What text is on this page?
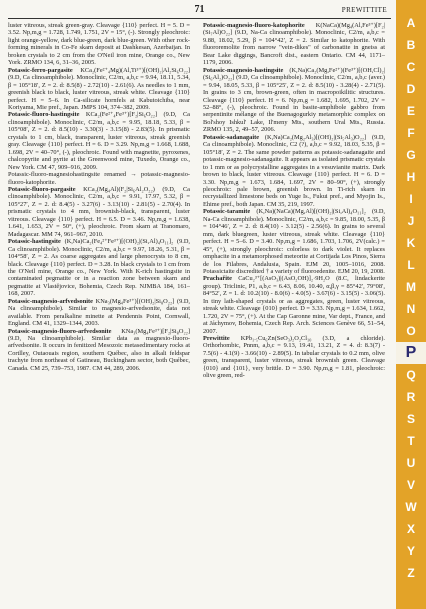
71	PREWITTITE

luster vitreous, streak green-gray. Cleavage {110} perfect. H = 5. D = 3.52. Np,m,g = 1.728, 1.749, 1.751, 2V = 15°, (-). Strongly pleochroic: light orange-yellow, dark blue-green, dark blue-green. With other rock-forming minerals in Co-Fe skarn deposit at Dashkesan, Azerbaijan. In broken crystals to 2 cm from the O'Neil iron mine, Orange co., New York. ZRMO 134, 6, 31–36, 2005.

Potassic-ferro-pargasite KCa₂(Fe²⁺₄Mg)(Al,Ti³⁺)[(OH)₂|Al₂Si₆O₂₂] (9.D, Ca clinoamphibole). Monoclinic, C2/m, a,b,c = 9.94, 18.11, 5.34, β = 105°18′, Z = 2. d: 8.5(8) - 2.72(10) - 2.61(6). As needles to 1 mm, greenish black to black, luster vitreous, streak white. Cleavage {110} perfect. H = 5–6. In Ca-silicate hornfels at Kabutoichiba, near Koriyama, Mie pref., Japan. JMPS 104, 374–382, 2009.

Potassic-fluoro-hastingsite KCa₂(Fe²⁺₄Fe³⁺)[F₂|Si₆O₂₂] (9.D, Ca clinoamphibole). Monoclinic, C2/m, a,b,c = 9.95, 18.18, 5.33, β = 105°08′, Z = 2. d: 8.5(10) - 3.30(3) - 3.15(8) - 2.83(5). In prismatic crystals to 1 cm, black, transparent, luster vitreous, streak greenish gray. Cleavage {110} perfect. H = 6. D = 3.29. Np,m,g = 1.668, 1.688, 1.698, 2V = 40–70°, (-), pleochroic. Found with magnetite, pyroxenes, chalcopyrite and pyrite at the Greenwood mine, Tuxedo, Orange co., New York. CM 47, 909–916, 2009.

Potassic-fluoro-magnesiohastingsite renamed → potassic-magnesio-fluoro-katophorite.

Potassic-fluoro-pargasite KCa₂(Mg₄Al)(F₂|Si₆Al₂O₂₂) (9.D, Ca clinoamphibole). Monoclinic, C2/m, a,b,c = 9.91, 17.97, 5.32, β = 105°27′, Z = 2. d: 8.4(5) - 3.27(6) - 3.13(10) - 2.81(5) - 2.70(4). In prismatic crystals to 4 mm, brownish-black, transparent, luster vitreous. Cleavage {110} perfect. H = 6.5. D = 3.46. Np,m,g = 1.638, 1.641, 1.653, 2V = 50°, (+), pleochroic. From skarn at Tranomaro, Madagascar. MM 74, 961–967, 2010.

Potassic-hastingsite (K,Na)Ca₂(Fe₄²⁺Fe³⁺)[(OH)₂|(Si,Al)₄O₁₁]₂ (9.D, Ca clinoamphibole). Monoclinic, C2/m, a,b,c = 9.97, 18.26, 5.31, β = 104°58′, Z = 2. As coarse aggregates and large phenocrysts to 8 cm, black. Cleavage {110} perfect. D = 3.28. In black crystals to 1 cm from the O'Neil mine, Orange co., New York. With K-rich hastingsite in contaminated pegmatite or in a reaction zone between skarn and pegmatite at Vlastějovice, Bohemia, Czech Rep. NJMBA 184, 161–168, 2007.

Potassic-magnesio-arfvedsonite KNa₃(Mg₄Fe³⁺)[(OH)₂|Si₈O₂₂] (9.D, Na clinoamphibole). Similar to magnesio-arfvedsonite, data not available. From peralkaline minette at Pendennis Point, Cornwall, England. CM 41, 1329–1344, 2003.

Potassic-magnesio-fluoro-arfvedsonite KNa₃(Mg₄Fe³⁺)[F₂|Si₈O₂₂] (9.D, Na clinoamphibole). Similar data as magnesio-fluoro-arfvedsonite. It occurs in fenitized Mesozoic metasedimentary rocks at Cortlley, Outaouais region, southern Québec, also in alkali feldspar trachyte from northeast of Gatineau, Buckingham sector, both Québec, Canada. CM 25, 739–753, 1987. CM 44, 289, 2006.

Potassic-magnesio-fluoro-katophorite K(NaCa)(Mg₄(Al,Fe³⁺)[F₂|(Si₇Al)O₂₂] (9.D, Na-Ca clinoamphibole). Monoclinic, C2/m, a,b,c = 9.88, 18.02, 5.29, β = 104°42′, Z = 2. Similar to katophorite. With fluororemolite from narrow "vein-dikes" of carbonatite in gneiss at Bear Lake diggings, Bancroft dist., eastern Ontario. CM 44, 1171–1179, 2006.

Potassic-magnesio-hastingsite (K,Na)Ca₂(Mg,Fe²⁺)(Fe³⁺)[(OH,Cl)₂|(Si₆Al₂)O₂₂] (9.D, Ca clinoamphibole). Monoclinic, C2/m, a,b,c (aver.) = 9.94, 18.05, 5.33, β = 105°25′, Z = 2. d: 8.5(10) - 3.28(4) - 2.71(5). In grains to 3 cm, brown-green, often in macropoikilitic structures. Cleavage {110} perfect. H = 6. Np,m,g = 1.682, 1.695, 1.702, 2V = 52–88°, (-), pleochroic. Found in basite-amphibole gabbro from serpentinite mélange of the Buenagogurkiy metamorphic complex on Bol'shoy Ishkul' Lake, Il'meny Mts., southern Ural Mts., Russia. ZRMO 135, 2, 49–57, 2006.

Potassic-sadanagaite (K,Na)Ca₂(Mg₂Al₃)[(OH)₂|(Si₅Al₃)O₂₂] (9.D, Ca clinoamphibole). Monoclinic, C2 (?), a,b,c = 9.92, 18.03, 5.35, β = 105°18′, Z = 2. The same powder patterns as potassic-sadanagaite and potassic-magnesio-sadanagaite. It appears as isolated prismatic crystals to 1 mm or as polycrystalline aggregates in a vesuvianite matrix. Dark brown to black, luster vitreous. Cleavage {110} perfect. H = 6. D = 3.30. Np,m,g = 1.673, 1.684, 1.697, 2V = 80–90°, (+), strongly pleochroic: pale brown, greenish brown. In Ti-rich skarn in recrystallized limestone beds on Yuge Is., Fukui pref., and Myojin Is., Ehime pref., both Japan. CM 35, 219, 1997.

Potassic-taramite (K,Na)(NaCa)(Mg,Al)[(OH)₂|(Si,Al)₄O₁₁]₂ (9.D, Na-Ca clinoamphibole). Monoclinic, C2/m, a,b,c = 9.85, 18.00, 5.35, β = 104°46′, Z = 2. d: 8.4(10) - 3.12(5) - 2.56(6). In grains to several mm, dark bluegreen, luster vitreous, streak white. Cleavage {110} perfect. H = 5–6. D = 3.40. Np,m,g = 1.686, 1.703, 1.706, 2V(calc.) = 45°, (+), strongly pleochroic: colorless to dark violet. It replaces omphacite in a metamorphosed meteorite at Cortijada Los Pinos, Sierra de los Filabres, Andalusia, Spain. EJM 20, 1005–1016, 2008. Potassictaite discredited † a variety of fluoroedenite. EJM 20, 19, 2008.

Prachařite CaCu₂³⁺[(AsO₃)|(AsO₂OH)]₂·9H₂O (8.C, lindackerite group). Triclinic, P1, a,b,c = 6.43, 8.06, 10.40, α,β,γ = 85°42′, 79°08′, 84°52′, Z = 1. d: 10.2(10) - 8.0(6) - 4.0(5) - 3.67(6) - 3.15(5) - 3.06(5). In tiny lath-shaped crystals or as aggregates, green, luster vitreous, streak white. Cleavage {010} perfect. D = 3.33. Np,m,g = 1.634, 1.662, 1.720, 2V = 75°, (+). At the Cap Garonne mine, Var dept., France, and at Jáchymov, Bohemia, Czech Rep. Arch. Sciences Genève 66, 51–54, 2007.

Prewittite KPb₁.₅Cu₆Zn(SeO₃)₂O₂Cl₁₀ (3.D, a chloride). Orthorhombic, Pnnm, a,b,c = 9.13, 19.41, 13.21, Z = 4. d: 8.3(7) - 7.5(6) - 4.1(9) - 3.66(10) - 2.89(5). In tabular crystals to 0.2 mm, olive green, transparent, luster vitreous, streak brownish green. Cleavage {010} and {101}, very brittle. D = 3.90. Np,m,g = 1.81, pleochroic: olive green, red-

A
B
C
D
E
F
G
H
I
J
K
L
M
N
O
P
Q
R
S
T
U
V
W
X
Y
Z
